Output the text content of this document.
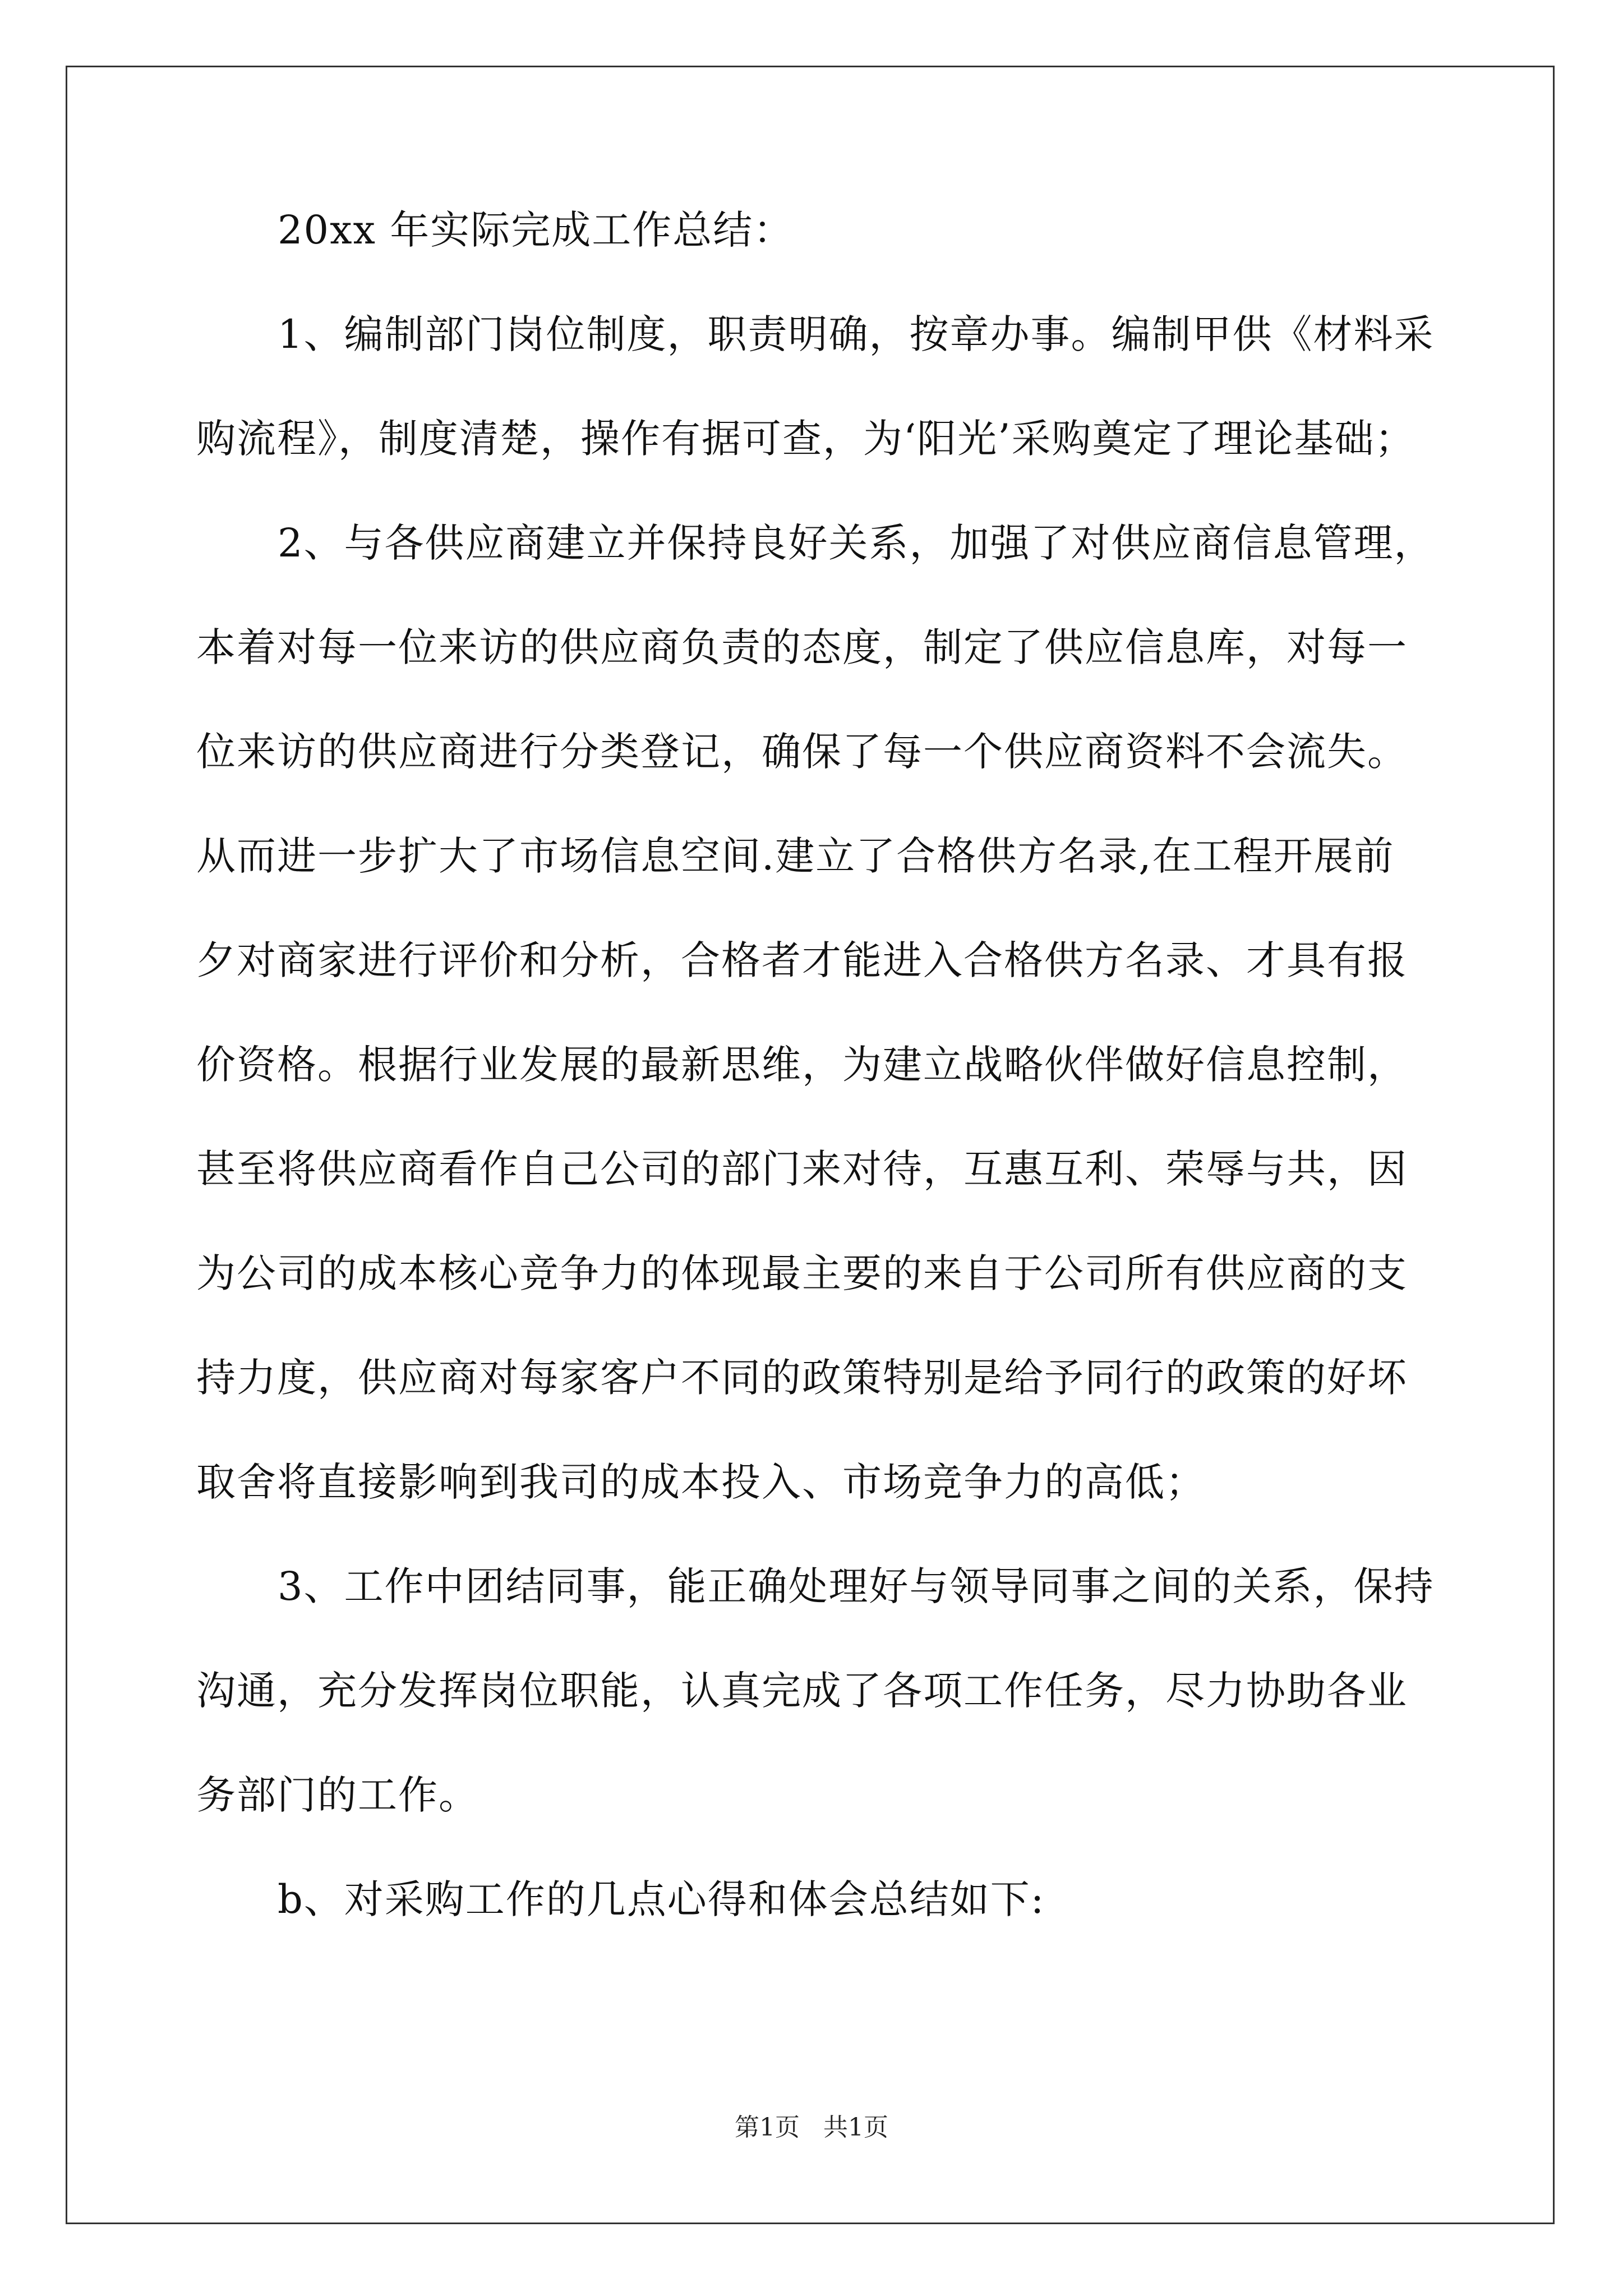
20xx 年实际完成工作总结：
1、编制部门岗位制度，职责明确，按章办事。编制甲供《材料采
购流程》，制度清楚，操作有据可查，为‘阳光’采购奠定了理论基础；
2、与各供应商建立并保持良好关系，加强了对供应商信息管理，
本着对每一位来访的供应商负责的态度，制定了供应信息库，对每一
位来访的供应商进行分类登记，确保了每一个供应商资料不会流失。
从而进一步扩大了市场信息空间.建立了合格供方名录,在工程开展前
夕对商家进行评价和分析，合格者才能进入合格供方名录、才具有报
价资格。根据行业发展的最新思维，为建立战略伙伴做好信息控制，
甚至将供应商看作自己公司的部门来对待，互惠互利、荣辱与共，因
为公司的成本核心竞争力的体现最主要的来自于公司所有供应商的支
持力度，供应商对每家客户不同的政策特别是给予同行的政策的好坏
取舍将直接影响到我司的成本投入、市场竞争力的高低；
3、工作中团结同事，能正确处理好与领导同事之间的关系，保持
沟通，充分发挥岗位职能，认真完成了各项工作任务，尽力协助各业
务部门的工作。
b、对采购工作的几点心得和体会总结如下:
第1页 共1页
